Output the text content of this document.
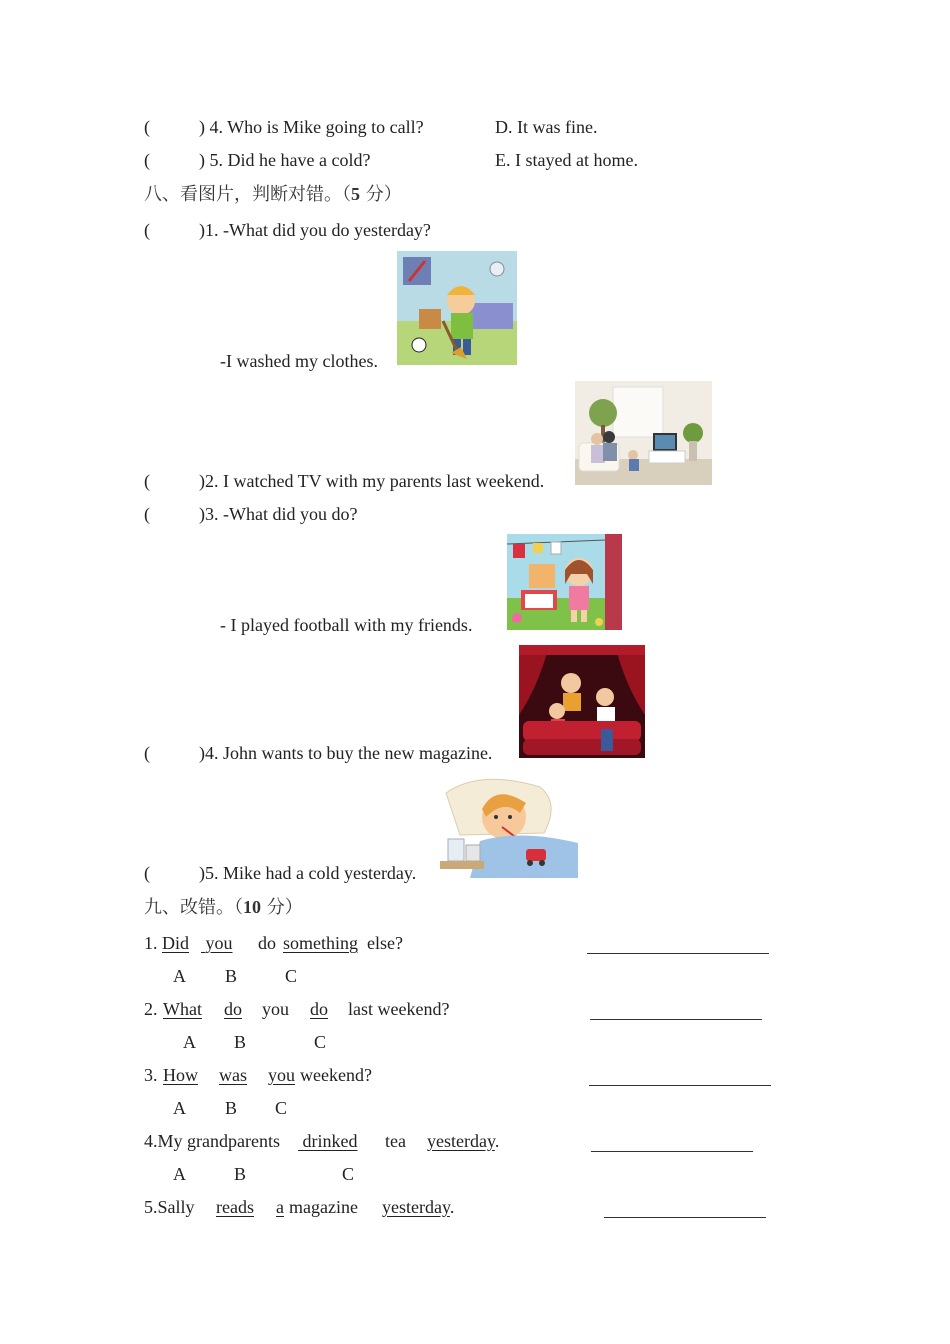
(	) 4. Who is Mike going to call?	D. It was fine.
(	) 5. Did he have a cold?	E. I stayed at home.
八、看图片，判断对错。（5 分）
(	)1. -What did you do yesterday?
-I washed my clothes.
(	)2. I watched TV with my parents last weekend.
(	)3. -What did you do?
- I played football with my friends.
(	)4. John wants to buy the new magazine.
(	)5. Mike had a cold yesterday.
九、改错。（10 分）
1. Did you do something else?
A B	C
2. What do you do last weekend?
A B	C
3. How was you weekend?
A B C
4.My grandparents drinked tea yesterday.
A	B	C
5.Sally reads a magazine yesterday.
